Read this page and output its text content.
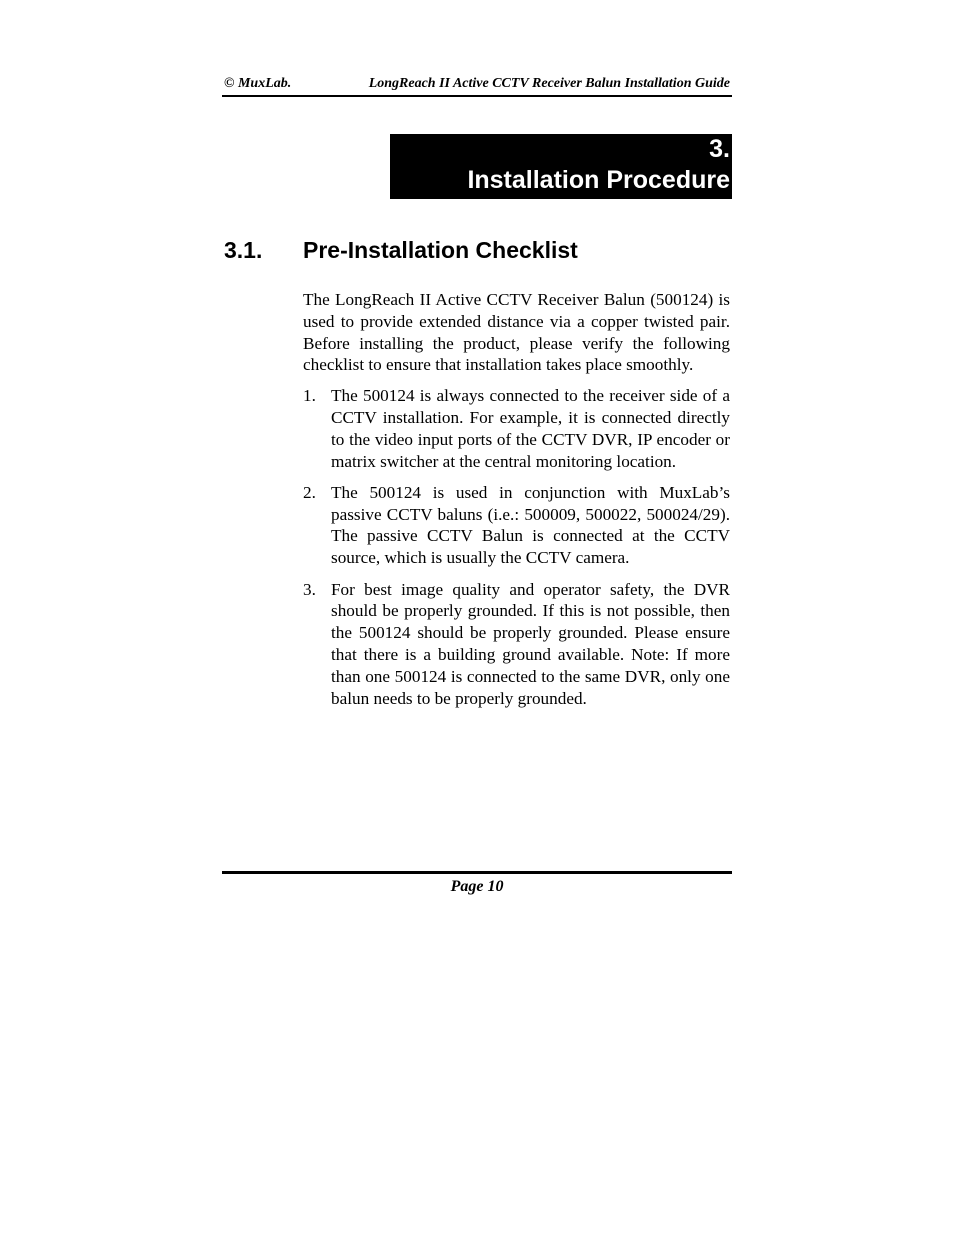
© MuxLab.	LongReach II Active CCTV Receiver Balun Installation Guide
3.
Installation Procedure
3.1. Pre-Installation Checklist

The LongReach II Active CCTV Receiver Balun (500124) is used to provide extended distance via a copper twisted pair. Before installing the product, please verify the following checklist to ensure that installation takes place smoothly.

1. The 500124 is always connected to the receiver side of a CCTV installation. For example, it is connected directly to the video input ports of the CCTV DVR, IP encoder or matrix switcher at the central monitoring location.
2. The 500124 is used in conjunction with MuxLab’s passive CCTV baluns (i.e.: 500009, 500022, 500024/29). The passive CCTV Balun is connected at the CCTV source, which is usually the CCTV camera.
3. For best image quality and operator safety, the DVR should be properly grounded. If this is not possible, then the 500124 should be properly grounded. Please ensure that there is a building ground available. Note: If more than one 500124 is connected to the same DVR, only one balun needs to be properly grounded.
Page 10
